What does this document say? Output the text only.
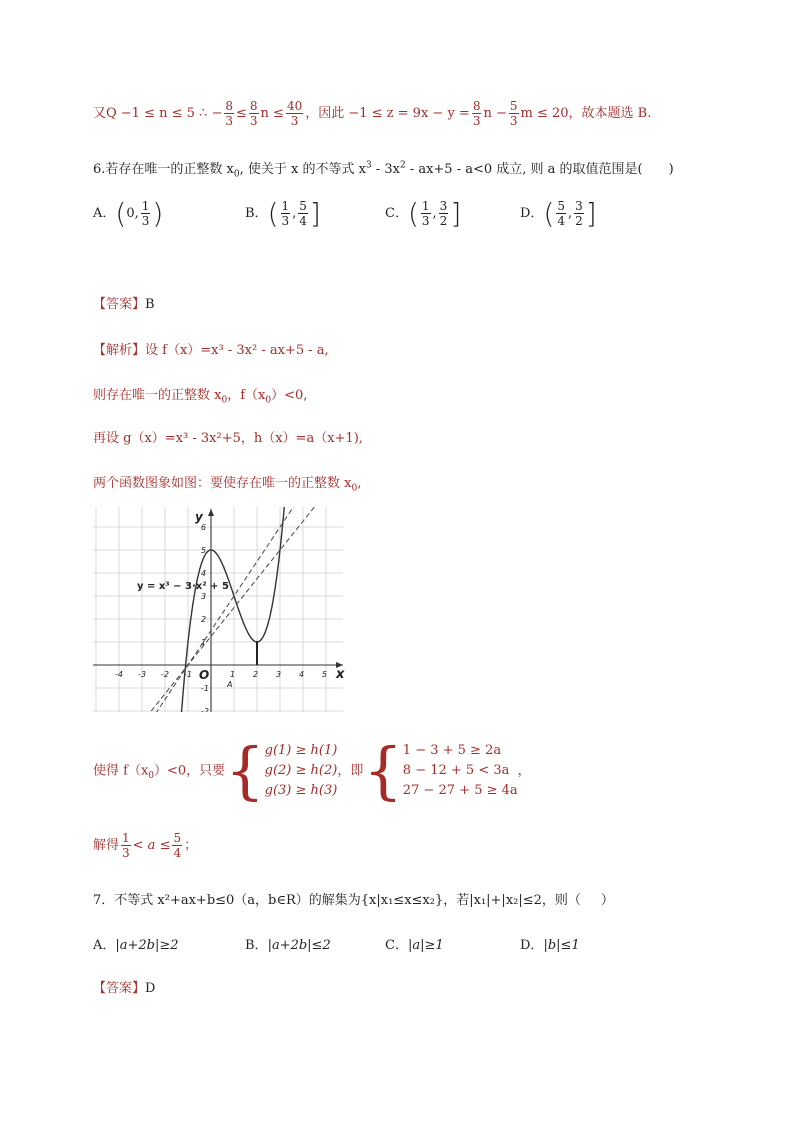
又Q −1 ≤ n ≤ 5 ∴ − $\frac{8}{3} \le \frac{8}{3}$ $n \le \frac{40}{3}$ ，因此 $-1 \le z = 9x - y = \frac{8}{3}$ $n - \frac{5}{3}$ m ≤ 20，故本题选 B.
6.若存在唯一的正整数 $x_0$, 使关于 x 的不等式 $x^3 - 3x^2 - ax+5 - a<0$ 成立, 则 a 的取值范围是( )
A．(0, $\frac{1}{3}$ )	B．( $\frac{1}{3}$ , $\frac{5}{4}$ ]	C．( $\frac{1}{3}$ , $\frac{3}{2}$ ]	D．( $\frac{5}{4}$ , $\frac{3}{2}$ ]
【答案】B
【解析】设 f（x）=x³ - 3x² - ax+5 - a,
则存在唯一的正整数 $x_0$，$f(x_0)<0$,
再设 g（x）=x³ - 3x²+5，h（x）=a（x+1),
两个函数图象如图：要使存在唯一的正整数 $x_0$,
-4 -3 -2 -1	1 2 3 4 5
6
5
4
3
2
1
-1
-2
x
y
O
A
y = x³ − 3·x² + 5
使得 $f(x_0)<0$，只要{ g(1) ≥ h(1)
g(2) ≥ h(2)
g(3) ≥ h(3)
，即{ 1 − 3 + 5 ≥ 2a
8 − 12 + 5 < 3a
27 − 27 + 5 ≥ 4a
，
解得 $\frac{1}{3} < a \le \frac{5}{4}$ ；
7．不等式 x²+ax+b≤0（a，b∈R）的解集为{x|x₁≤x≤x₂}，若|x₁|+|x₂|≤2，则（ ）
A．|a+2b|≥2	B．|a+2b|≤2	C．|a|≥1	D．|b|≤1
【答案】D
